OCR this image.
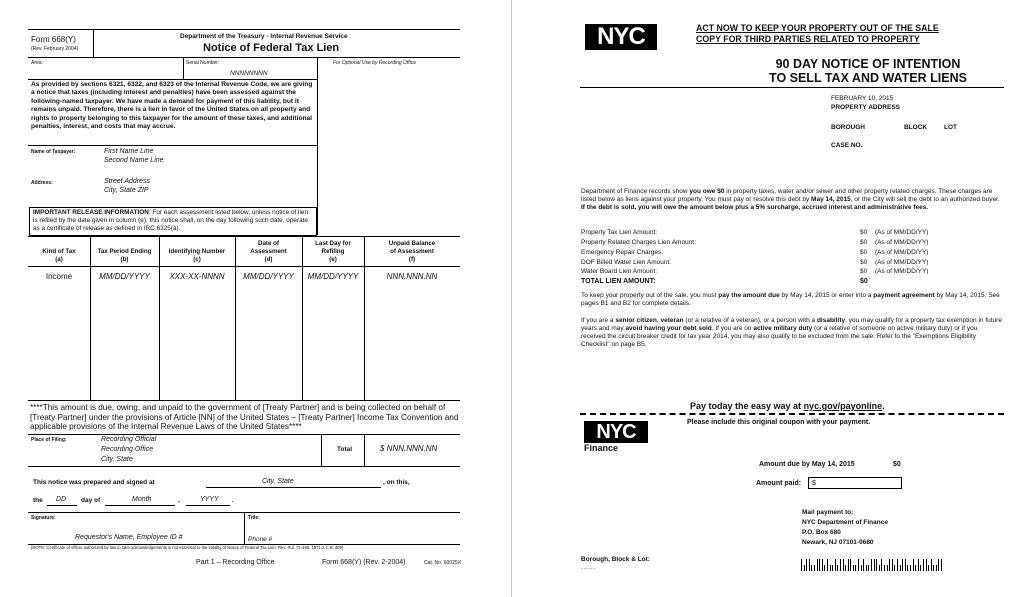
Form 668(Y)
(Rev. February 2004)
Department of the Treasury - Internal Revenue Service
Notice of Federal Tax Lien
Area:	Serial Number:
NNNNNNNN
For Optional Use by Recording Office
As provided by sections 6321, 6322, and 6323 of the Internal Revenue Code, we are giving a notice that taxes (including interest and penalties) have been assessed against the following-named taxpayer. We have made a demand for payment of this liability, but it remains unpaid. Therefore, there is a lien in favor of the United States on all property and rights to property belonging to this taxpayer for the amount of these taxes, and additional penalties, interest, and costs that may accrue.
Name of Taxpayer:	First Name Line
Second Name Line
Address:	Street Address
City, State ZIP
IMPORTANT RELEASE INFORMATION: For each assessment listed below, unless notice of lien is refiled by the date given in column (e), this notice shall, on the day following such date, operate as a certificate of release as defined in IRC 6325(a).
Kind of Tax
(a)
Tax Period Ending
(b)
Identifying Number
(c)
Date of
Assessment
(d)
Last Day for
Refiling
(e)
Unpaid Balance
of Assessment
(f)
Income	MM/DD/YYYY	XXX-XX-NNNN	MM/DD/YYYY	MM/DD/YYYY	NNN,NNN.NN
****This amount is due, owing, and unpaid to the government of [Treaty Partner] and is being collected on behalf of [Treaty Partner] under the provisions of Article [NN] of the United States – [Treaty Partner] Income Tax Convention and applicable provisions of the Internal Revenue Laws of the United States****
Place of Filing:	Recording Official
Recording Office
City, State
Total	$ NNN,NNN.NN
This notice was prepared and signed at	City, State	, on this,
the DD day of	Month	,	YYYY .
Signature:	Title:
Requestor's Name, Employee ID #	Phone #
(NOTE: Certificate of officer authorized by law to take acknowledgements is not essential to the validity of Notice of Federal Tax Lien. Rev. Rul. 71-466, 1971-2 C.B. 409)
Part 1 – Recording Office	Form 668(Y) (Rev. 2-2004)	Cat. No. 60025X
NYC	ACT NOW TO KEEP YOUR PROPERTY OUT OF THE SALE
COPY FOR THIRD PARTIES RELATED TO PROPERTY
90 DAY NOTICE OF INTENTION
TO SELL TAX AND WATER LIENS
FEBRUARY 10, 2015
PROPERTY ADDRESS
BOROUGH	BLOCK	LOT
CASE NO.
Department of Finance records show you owe $0 in property taxes, water and/or sewer and other property related charges. These charges are listed below as liens against your property. You must pay or resolve this debt by May 14, 2015, or the City will sell the debt to an authorized buyer. If the debt is sold, you will owe the amount below plus a 5% surcharge, accrued interest and administrative fees.
Property Tax Lien Amount:	$0 (As of MM/DD/YY)
Property Related Charges Lien Amount:	$0 (As of MM/DD/YY)
Emergency Repair Charges:	$0 (As of MM/DD/YY)
DOF Billed Water Lien Amount:	$0 (As of MM/DD/YY)
Water Board Lien Amount:	$0 (As of MM/DD/YY)
TOTAL LIEN AMOUNT:	$0
To keep your property out of the sale, you must pay the amount due by May 14, 2015 or enter into a payment agreement by May 14, 2015. See pages B1 and B2 for complete details.
If you are a senior citizen, veteran (or a relative of a veteran), or a person with a disability, you may qualify for a property tax exemption in future years and may avoid having your debt sold. If you are on active military duty (or a relative of someone on active military duty) or if you received the circuit breaker credit for tax year 2014, you may also qualify to be excluded from the sale. Refer to the "Exemptions Eligibility Checklist" on page B5.
Pay today the easy way at nyc.gov/payonline.
NYC
Finance
Please include this original coupon with your payment.
Amount due by May 14, 2015	$0
Amount paid:	$
Mail payment to:
NYC Department of Finance
P.O. Box 680
Newark, NJ 07101-0680
Borough, Block & Lot:
- - - - -
